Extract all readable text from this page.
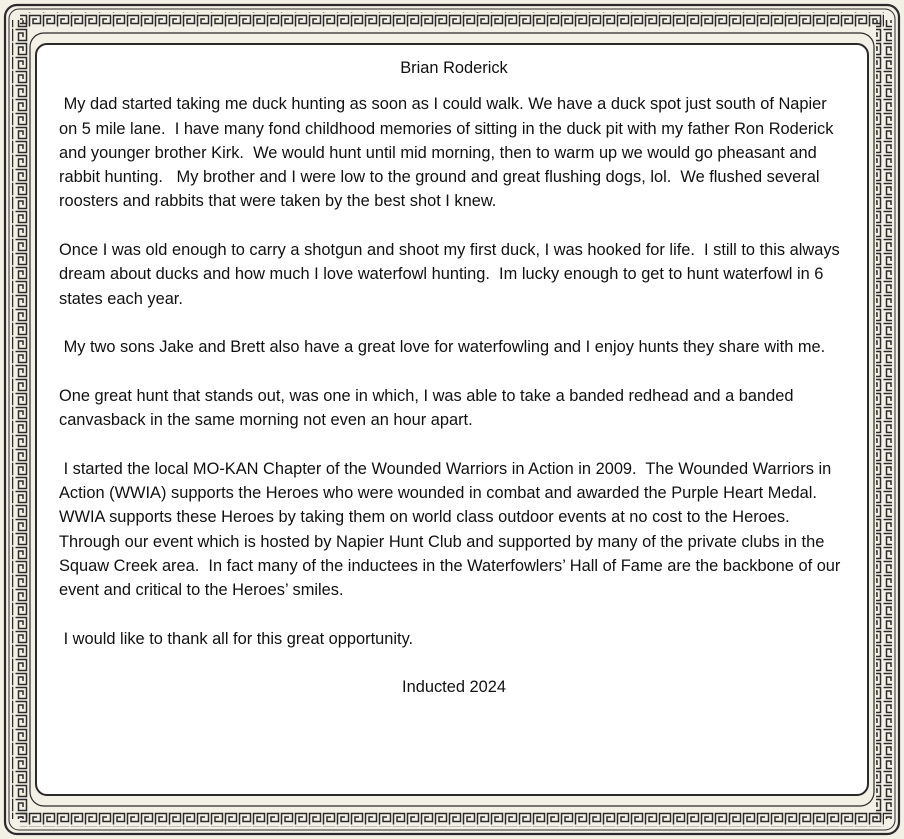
Brian Roderick

My dad started taking me duck hunting as soon as I could walk. We have a duck spot just south of Napier on 5 mile lane.  I have many fond childhood memories of sitting in the duck pit with my father Ron Roderick and younger brother Kirk.  We would hunt until mid morning, then to warm up we would go pheasant and rabbit hunting.   My brother and I were low to the ground and great flushing dogs, lol.  We flushed several roosters and rabbits that were taken by the best shot I knew.

Once I was old enough to carry a shotgun and shoot my first duck, I was hooked for life.  I still to this always dream about ducks and how much I love waterfowl hunting.  Im lucky enough to get to hunt waterfowl in 6 states each year.

My two sons Jake and Brett also have a great love for waterfowling and I enjoy hunts they share with me.

One great hunt that stands out, was one in which, I was able to take a banded redhead and a banded canvasback in the same morning not even an hour apart.

I started the local MO-KAN Chapter of the Wounded Warriors in Action in 2009.  The Wounded Warriors in Action (WWIA) supports the Heroes who were wounded in combat and awarded the Purple Heart Medal.  WWIA supports these Heroes by taking them on world class outdoor events at no cost to the Heroes.  Through our event which is hosted by Napier Hunt Club and supported by many of the private clubs in the Squaw Creek area.  In fact many of the inductees in the Waterfowlers’ Hall of Fame are the backbone of our event and critical to the Heroes’ smiles.

I would like to thank all for this great opportunity.

Inducted 2024
